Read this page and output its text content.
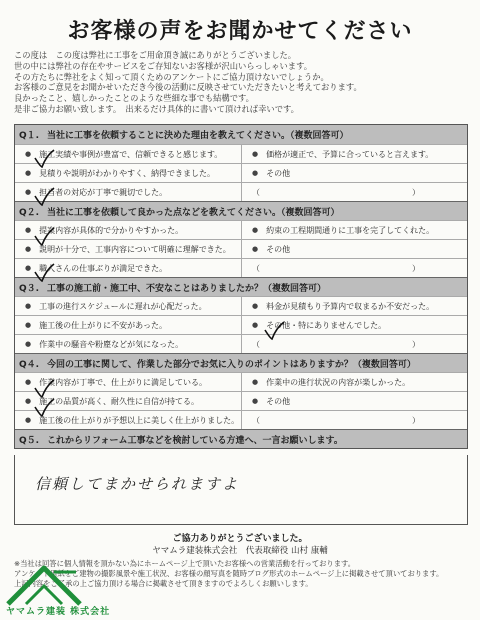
お客様の声をお聞かせてください
この度は　この度は弊社に工事をご用命頂き誠にありがとうございました。
世の中には弊社の存在やサービスをご存知ないお客様が沢山いらっしゃいます。
その方たちに弊社をよく知って頂くためのアンケートにご協力頂けないでしょうか。
お客様のご意見をお聞かせいただき今後の活動に反映させていただきたいと考えております。
良かったこと、嬉しかったことのような些細な事でも結構です。
是非ご協力お願い致します。　出来るだけ具体的に書いて頂ければ幸いです。
Q１. 当社に工事を依頼することに決めた理由を教えてください。（複数回答可）
● 施工実績や事例が豊富で、信頼できると感じます。	● 価格が適正で、予算に合っていると言えます。
● 見積りや説明がわかりやすく、納得できました。	● その他
● 担当者の対応が丁寧で親切でした。	（　　　　　　　　　　　　　　　　　　　）
Q２. 当社に工事を依頼して良かった点などを教えてください。（複数回答可）
● 提案内容が具体的で分かりやすかった。	● 約束の工程期間通りに工事を完了してくれた。
● 説明が十分で、工事内容について明確に理解できた。	● その他
● 職人さんの仕事ぶりが満足できた。	（　　　　　　　　　　　　　　　　　　　）
Q３. 工事の施工前・施工中、不安なことはありましたか？（複数回答可）
● 工事の進行スケジュールに遅れが心配だった。	● 料金が見積もり予算内で収まるか不安だった。
● 施工後の仕上がりに不安があった。	● その他・特にありませんでした。
● 作業中の騒音や粉塵などが気になった。	（　　　　　　　　　　　　　　　　　　　）
Q４. 今回の工事に関して、作業した部分でお気に入りのポイントはありますか？（複数回答可）
● 作業内容が丁寧で、仕上がりに満足している。	● 作業中の進行状況の内容が楽しかった。
● 施工の品質が高く、耐久性に自信が持てる。	● その他
● 施工後の仕上がりが予想以上に美しく仕上がりました。 （　　　　　　　　　　　　　　　　　　　）
Q５. これからリフォーム工事などを検討している方達へ、一言お願いします。
信頼してまかせられますよ
ご協力ありがとうございました。
ヤマムラ建装株式会社　代表取締役 山村 康輔
※当社は回答に個人情報を頂かない為にホームページ上で頂いたお客様への営業活動を行っております。
アンケート用紙をご建物の撮影風景や施工状況、お客様の顔写真を随時ブログ形式のホームページ上に掲載させて頂いております。
上記内容をご了承の上ご協力頂ける場合に掲載させて頂きますのでよろしくお願いします。
ヤマムラ建装 株式会社
